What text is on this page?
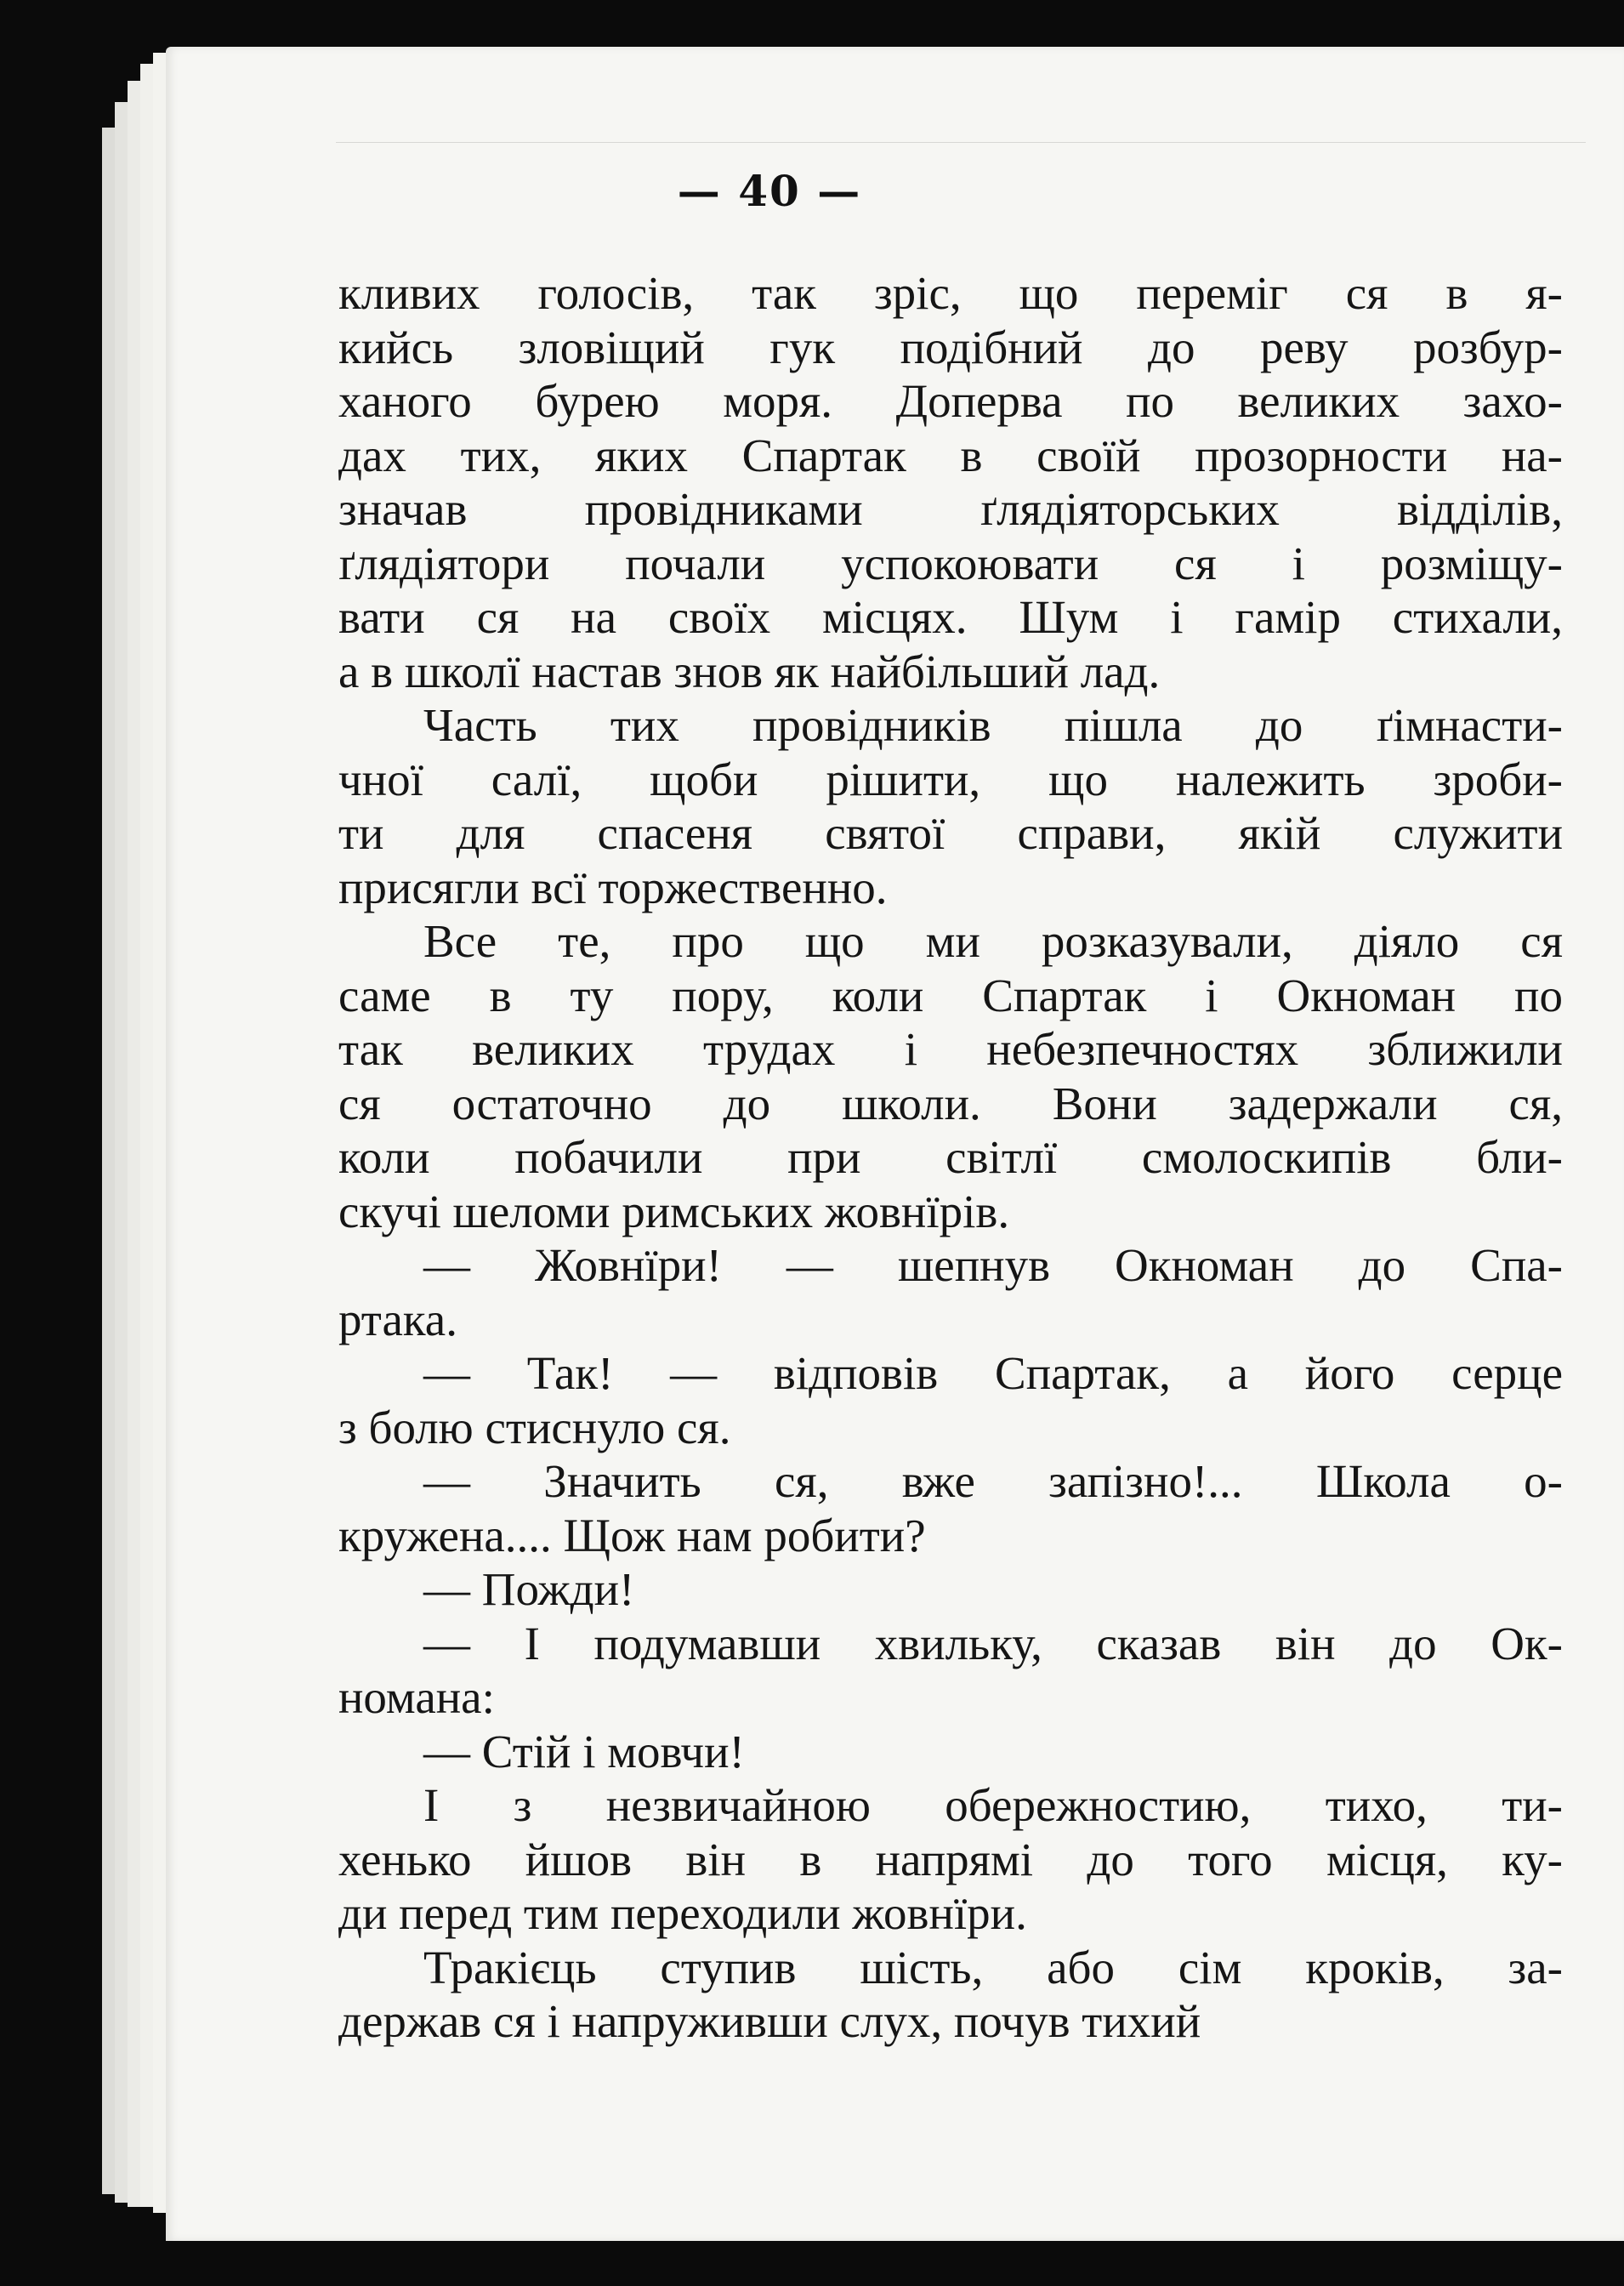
— 40 —
кливих голосів, так зріс, що переміг ся в я-
кийсь зловіщий гук подібний до реву розбур-
ханого бурею моря. Доперва по великих захо-
дах тих, яких Спартак в своїй прозорности на-
значав провідниками ґлядіяторських відділів,
ґлядіятори почали успокоювати ся і розміщу-
вати ся на своїх місцях. Шум і гамір стихали,
а в школї настав знов як найбільший лад.
Часть тих провідників пішла до ґімнасти-
чної салї, щоби рішити, що належить зроби-
ти для спасеня святої справи, якій служити
присягли всї торжественно.
Все те, про що ми розказували, діяло ся
саме в ту пору, коли Спартак і Окноман по
так великих трудах і небезпечностях зближили
ся остаточно до школи. Вони задержали ся,
коли побачили при світлї смолоскипів бли-
скучі шеломи римських жовнїрів.
— Жовнїри! — шепнув Окноман до Спа-
ртака.
— Так! — відповів Спартак, а його серце
з болю стиснуло ся.
— Значить ся, вже запізно!... Школа о-
кружена.... Щож нам робити?
— Пожди!
— І подумавши хвильку, сказав він до Ок-
номана:
— Стій і мовчи!
І з незвичайною обережностию, тихо, ти-
хенько йшов він в напрямі до того місця, ку-
ди перед тим переходили жовнїри.
Тракієць ступив шість, або сім кроків, за-
держав ся і напруживши слух, почув тихий
